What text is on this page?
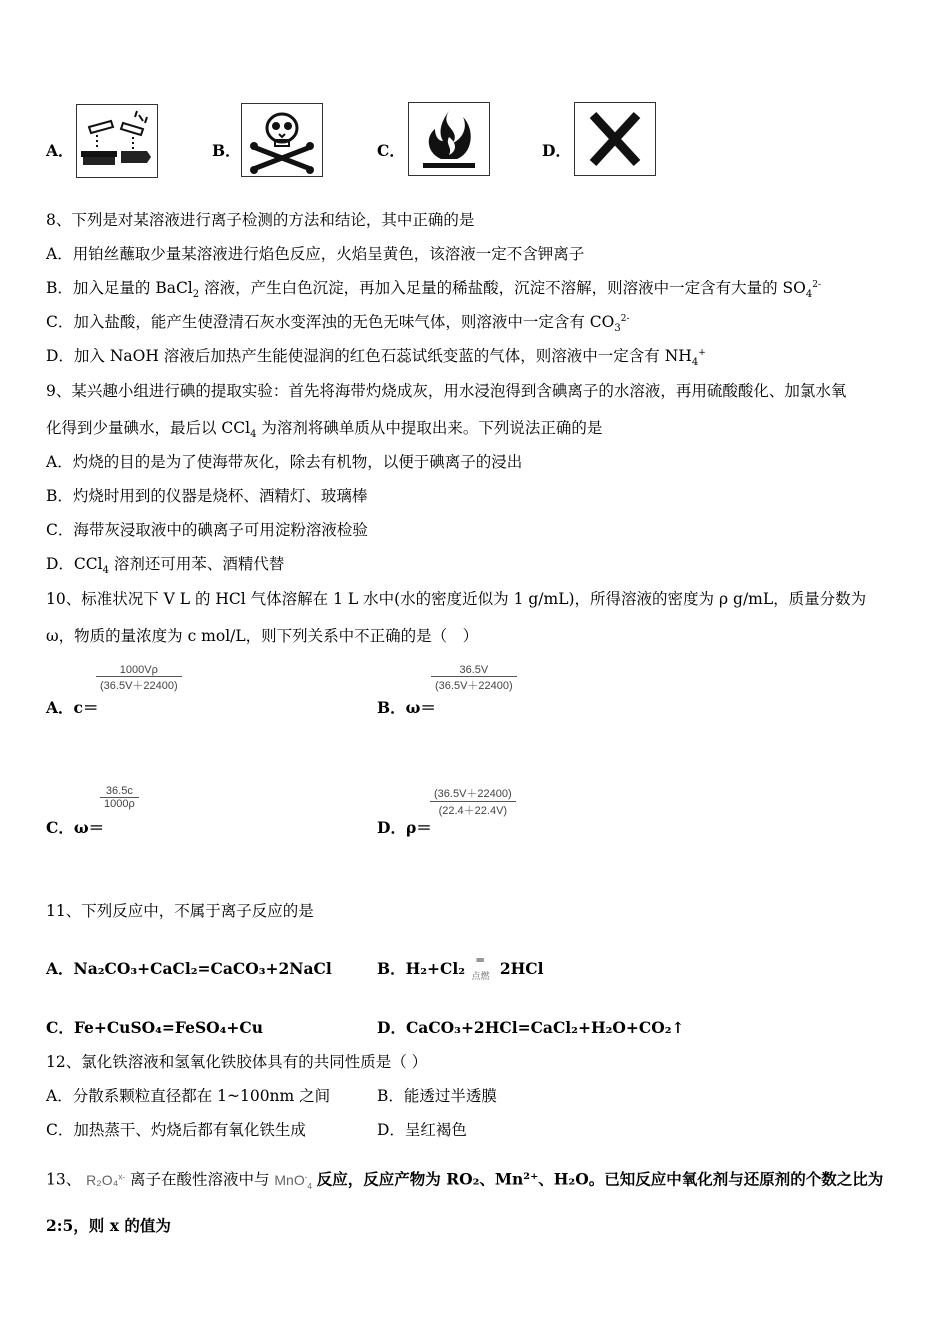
A．	B．	C．	D．
8、下列是对某溶液进行离子检测的方法和结论，其中正确的是
A．用铂丝蘸取少量某溶液进行焰色反应，火焰呈黄色，该溶液一定不含钾离子
B．加入足量的 BaCl$_2$ 溶液，产生白色沉淀，再加入足量的稀盐酸，沉淀不溶解，则溶液中一定含有大量的 $SO_4^{2-}$
C．加入盐酸，能产生使澄清石灰水变浑浊的无色无味气体，则溶液中一定含有 $CO_3^{2-}$
D．加入 NaOH 溶液后加热产生能使湿润的红色石蕊试纸变蓝的气体，则溶液中一定含有 $NH_4^+$
9、某兴趣小组进行碘的提取实验：首先将海带灼烧成灰，用水浸泡得到含碘离子的水溶液，再用硫酸酸化、加氯水氧
化得到少量碘水，最后以 CCl$_4$ 为溶剂将碘单质从中提取出来。下列说法正确的是
A．灼烧的目的是为了使海带灰化，除去有机物，以便于碘离子的浸出
B．灼烧时用到的仪器是烧杯、酒精灯、玻璃棒
C．海带灰浸取液中的碘离子可用淀粉溶液检验
D．CCl$_4$ 溶剂还可用苯、酒精代替
10、标准状况下 V L 的 HCl 气体溶解在 1 L 水中(水的密度近似为 1 g/mL)，所得溶液的密度为 ρ g/mL，质量分数为
ω，物质的量浓度为 c mol/L，则下列关系中不正确的是（　）
$\frac{1000V\rho}{(36.5V+22400)}$
A．c＝
$\frac{36.5V}{(36.5V+22400)}$
B．ω＝
$\frac{36.5c}{1000\rho}$
C．ω＝
$\frac{(36.5V+22400)}{(22.4+22.4V)}$
D．ρ＝
11、下列反应中，不属于离子反应的是
A．Na₂CO₃+CaCl₂=CaCO₃+2NaCl	B．H₂+Cl₂ ═
点燃 2HCl
C．Fe+CuSO₄=FeSO₄+Cu	D．CaCO₃+2HCl=CaCl₂+H₂O+CO₂↑
12、氯化铁溶液和氢氧化铁胶体具有的共同性质是（ ）
A．分散系颗粒直径都在 1~100nm 之间	B．能透过半透膜
C．加热蒸干、灼烧后都有氧化铁生成	D．呈红褐色
13、 R₂O₄$^{x-}$ 离子在酸性溶液中与 MnO-$_4$ 反应，反应产物为 RO₂、Mn²⁺、H₂O。已知反应中氧化剂与还原剂的个数之比为
2:5，则 x 的值为
